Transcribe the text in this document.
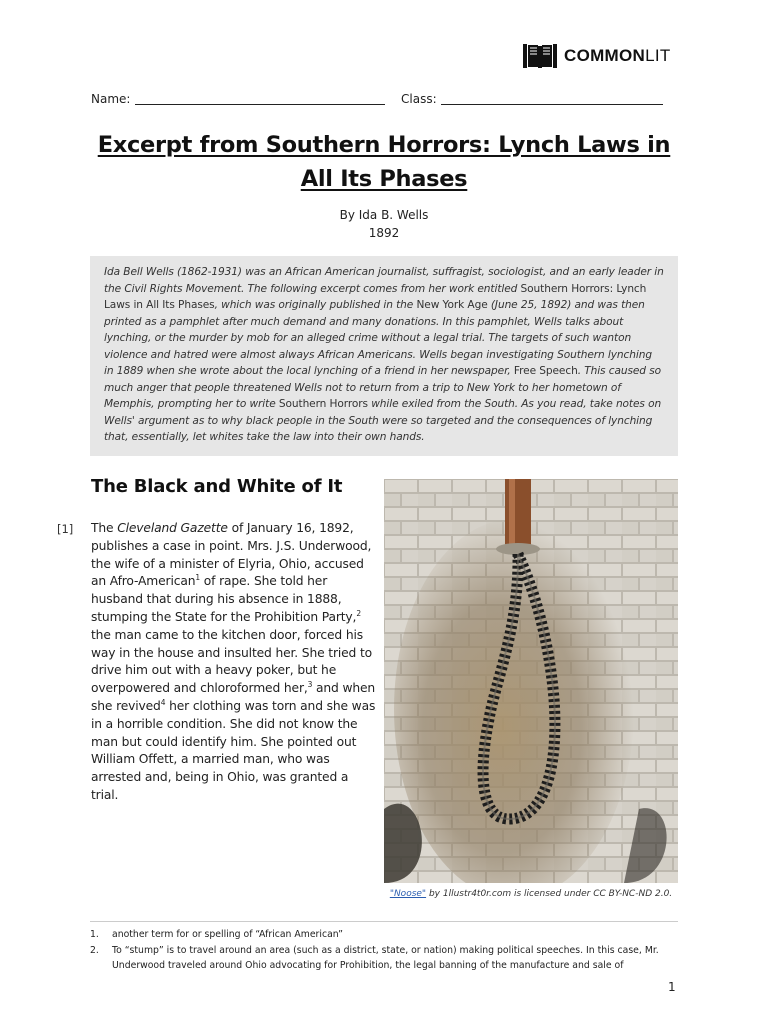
COMMONLIT
Name:	Class:
Excerpt from Southern Horrors: Lynch Laws in
All Its Phases
By Ida B. Wells
1892
Ida Bell Wells (1862-1931) was an African American journalist, suffragist, sociologist, and an early leader in the Civil Rights Movement. The following excerpt comes from her work entitled Southern Horrors: Lynch Laws in All Its Phases, which was originally published in the New York Age (June 25, 1892) and was then printed as a pamphlet after much demand and many donations. In this pamphlet, Wells talks about lynching, or the murder by mob for an alleged crime without a legal trial. The targets of such wanton violence and hatred were almost always African Americans. Wells began investigating Southern lynching in 1889 when she wrote about the local lynching of a friend in her newspaper, Free Speech. This caused so much anger that people threatened Wells not to return from a trip to New York to her hometown of Memphis, prompting her to write Southern Horrors while exiled from the South. As you read, take notes on Wells' argument as to why black people in the South were so targeted and the consequences of lynching that, essentially, let whites take the law into their own hands.
The Black and White of It
[1] The Cleveland Gazette of January 16, 1892, publishes a case in point. Mrs. J.S. Underwood, the wife of a minister of Elyria, Ohio, accused an Afro-American$^1$ of rape. She told her husband that during his absence in 1888, stumping the State for the Prohibition Party,$^2$ the man came to the kitchen door, forced his way in the house and insulted her. She tried to drive him out with a heavy poker, but he overpowered and chloroformed her,$^3$ and when she revived$^4$ her clothing was torn and she was in a horrible condition. She did not know the man but could identify him. She pointed out William Offett, a married man, who was arrested and, being in Ohio, was granted a trial.
"Noose" by 1llustr4t0r.com is licensed under CC BY-NC-ND 2.0.
1.	another term for or spelling of “African American”
2.	To “stump” is to travel around an area (such as a district, state, or nation) making political speeches. In this case, Mr. Underwood traveled around Ohio advocating for Prohibition, the legal banning of the manufacture and sale of
1
